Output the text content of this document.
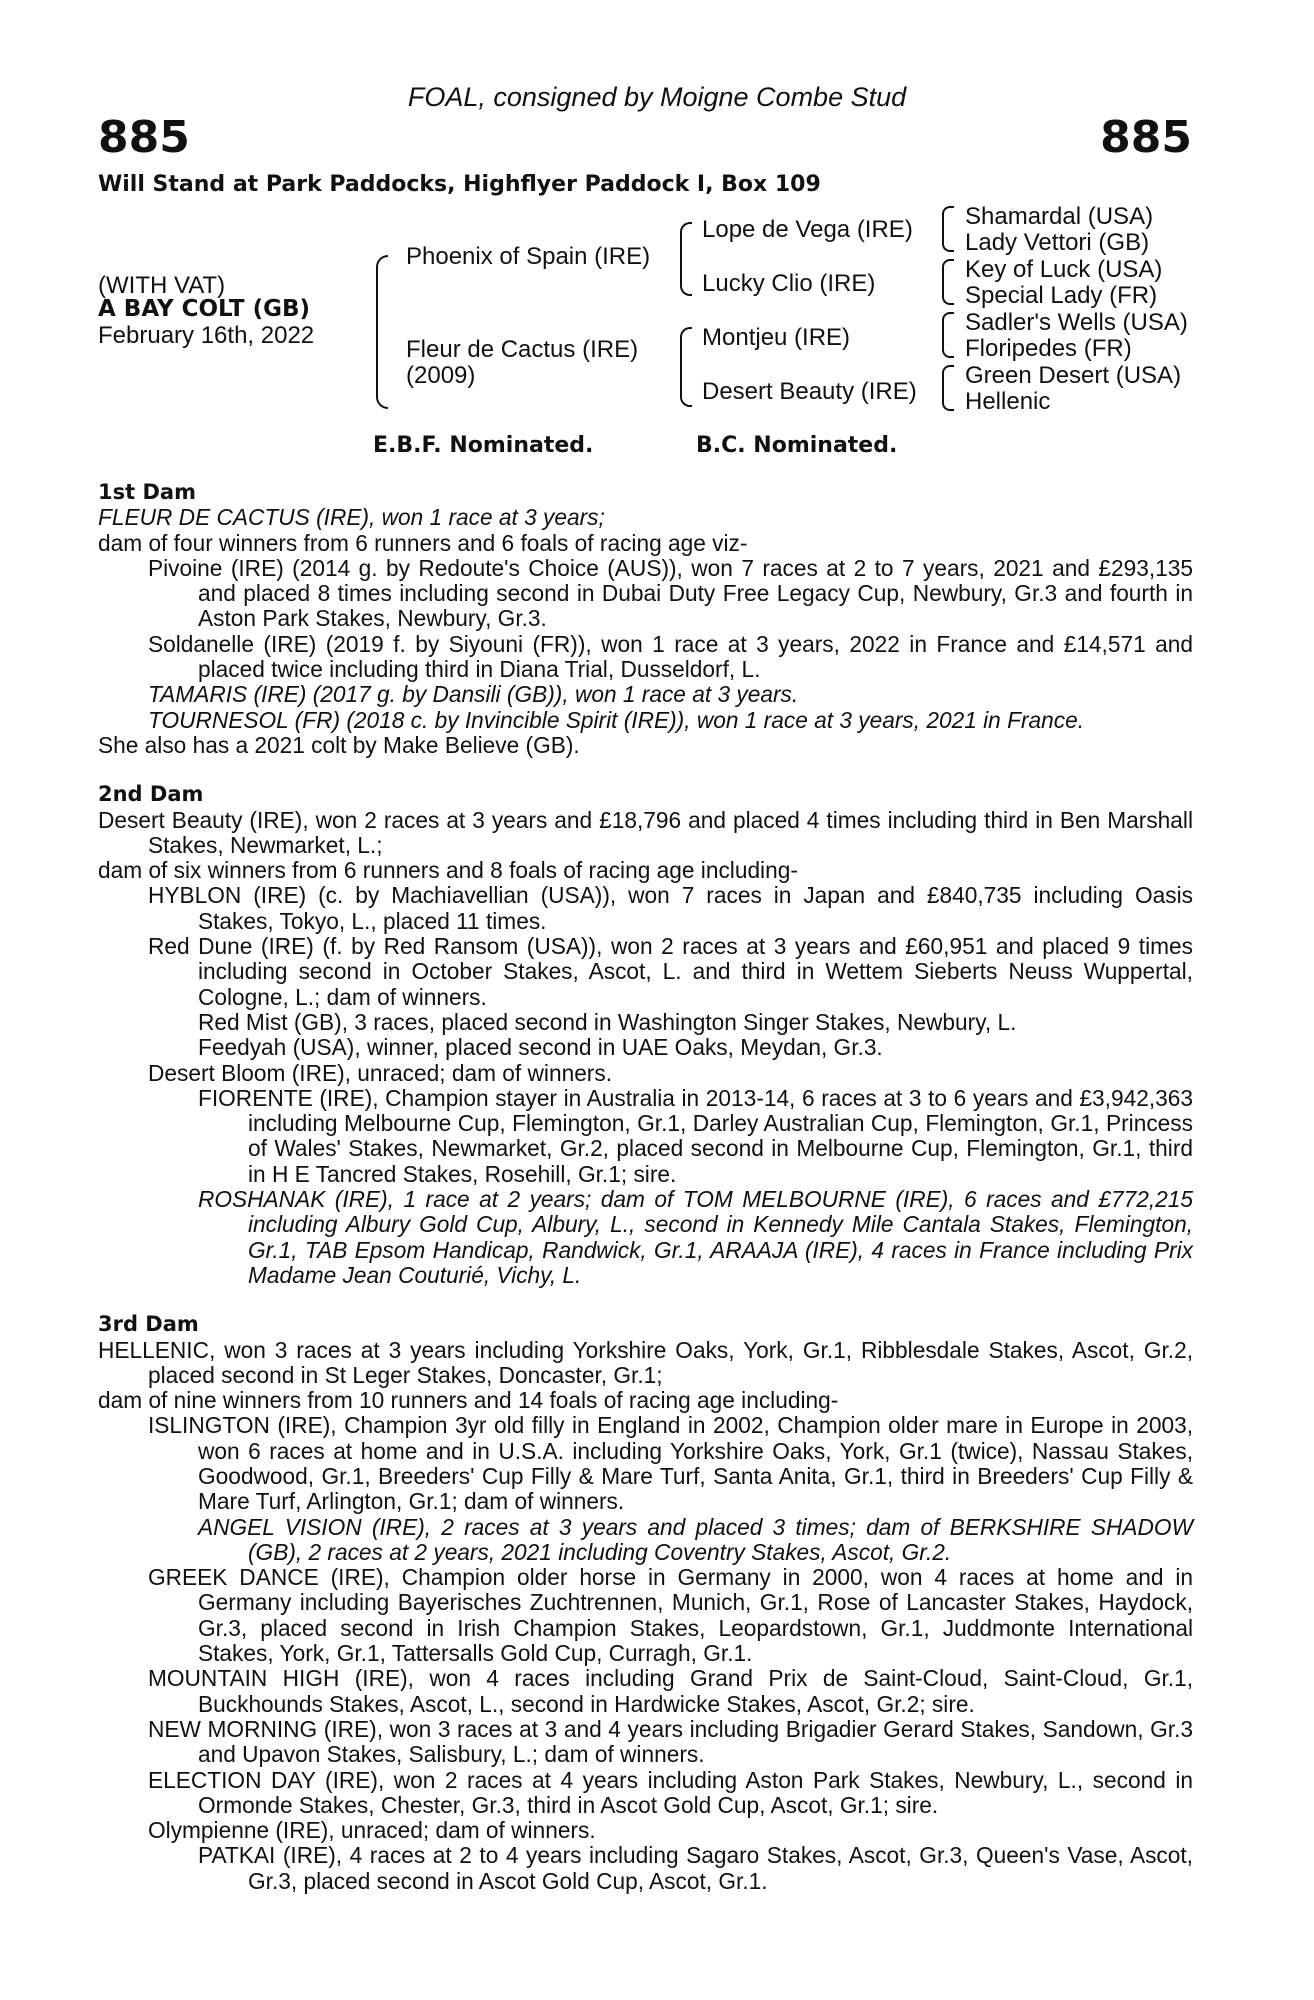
FOAL, consigned by Moigne Combe Stud
885	885
Will Stand at Park Paddocks, Highflyer Paddock I, Box 109
(WITH VAT)
A BAY COLT (GB)
February 16th, 2022
Phoenix of Spain (IRE)
Fleur de Cactus (IRE)
(2009)
Lope de Vega (IRE)
Lucky Clio (IRE)
Montjeu (IRE)
Desert Beauty (IRE)
Shamardal (USA)
Lady Vettori (GB)
Key of Luck (USA)
Special Lady (FR)
Sadler's Wells (USA)
Floripedes (FR)
Green Desert (USA)
Hellenic
E.B.F. Nominated.	B.C. Nominated.
1st Dam

FLEUR DE CACTUS (IRE), won 1 race at 3 years;

dam of four winners from 6 runners and 6 foals of racing age viz-

Pivoine (IRE) (2014 g. by Redoute's Choice (AUS)), won 7 races at 2 to 7 years, 2021 and £293,135 and placed 8 times including second in Dubai Duty Free Legacy Cup, Newbury, Gr.3 and fourth in Aston Park Stakes, Newbury, Gr.3.

Soldanelle (IRE) (2019 f. by Siyouni (FR)), won 1 race at 3 years, 2022 in France and £14,571 and placed twice including third in Diana Trial, Dusseldorf, L.

TAMARIS (IRE) (2017 g. by Dansili (GB)), won 1 race at 3 years.

TOURNESOL (FR) (2018 c. by Invincible Spirit (IRE)), won 1 race at 3 years, 2021 in France.

She also has a 2021 colt by Make Believe (GB).

2nd Dam

Desert Beauty (IRE), won 2 races at 3 years and £18,796 and placed 4 times including third in Ben Marshall Stakes, Newmarket, L.;

dam of six winners from 6 runners and 8 foals of racing age including-

HYBLON (IRE) (c. by Machiavellian (USA)), won 7 races in Japan and £840,735 including Oasis Stakes, Tokyo, L., placed 11 times.

Red Dune (IRE) (f. by Red Ransom (USA)), won 2 races at 3 years and £60,951 and placed 9 times including second in October Stakes, Ascot, L. and third in Wettem Sieberts Neuss Wuppertal, Cologne, L.; dam of winners.

Red Mist (GB), 3 races, placed second in Washington Singer Stakes, Newbury, L.

Feedyah (USA), winner, placed second in UAE Oaks, Meydan, Gr.3.

Desert Bloom (IRE), unraced; dam of winners.

FIORENTE (IRE), Champion stayer in Australia in 2013-14, 6 races at 3 to 6 years and £3,942,363 including Melbourne Cup, Flemington, Gr.1, Darley Australian Cup, Flemington, Gr.1, Princess of Wales' Stakes, Newmarket, Gr.2, placed second in Melbourne Cup, Flemington, Gr.1, third in H E Tancred Stakes, Rosehill, Gr.1; sire.

ROSHANAK (IRE), 1 race at 2 years; dam of TOM MELBOURNE (IRE), 6 races and £772,215 including Albury Gold Cup, Albury, L., second in Kennedy Mile Cantala Stakes, Flemington, Gr.1, TAB Epsom Handicap, Randwick, Gr.1, ARAAJA (IRE), 4 races in France including Prix Madame Jean Couturié, Vichy, L.

3rd Dam

HELLENIC, won 3 races at 3 years including Yorkshire Oaks, York, Gr.1, Ribblesdale Stakes, Ascot, Gr.2, placed second in St Leger Stakes, Doncaster, Gr.1;

dam of nine winners from 10 runners and 14 foals of racing age including-

ISLINGTON (IRE), Champion 3yr old filly in England in 2002, Champion older mare in Europe in 2003, won 6 races at home and in U.S.A. including Yorkshire Oaks, York, Gr.1 (twice), Nassau Stakes, Goodwood, Gr.1, Breeders' Cup Filly & Mare Turf, Santa Anita, Gr.1, third in Breeders' Cup Filly & Mare Turf, Arlington, Gr.1; dam of winners.

ANGEL VISION (IRE), 2 races at 3 years and placed 3 times; dam of BERKSHIRE SHADOW (GB), 2 races at 2 years, 2021 including Coventry Stakes, Ascot, Gr.2.

GREEK DANCE (IRE), Champion older horse in Germany in 2000, won 4 races at home and in Germany including Bayerisches Zuchtrennen, Munich, Gr.1, Rose of Lancaster Stakes, Haydock, Gr.3, placed second in Irish Champion Stakes, Leopardstown, Gr.1, Juddmonte International Stakes, York, Gr.1, Tattersalls Gold Cup, Curragh, Gr.1.

MOUNTAIN HIGH (IRE), won 4 races including Grand Prix de Saint-Cloud, Saint-Cloud, Gr.1, Buckhounds Stakes, Ascot, L., second in Hardwicke Stakes, Ascot, Gr.2; sire.

NEW MORNING (IRE), won 3 races at 3 and 4 years including Brigadier Gerard Stakes, Sandown, Gr.3 and Upavon Stakes, Salisbury, L.; dam of winners.

ELECTION DAY (IRE), won 2 races at 4 years including Aston Park Stakes, Newbury, L., second in Ormonde Stakes, Chester, Gr.3, third in Ascot Gold Cup, Ascot, Gr.1; sire.

Olympienne (IRE), unraced; dam of winners.

PATKAI (IRE), 4 races at 2 to 4 years including Sagaro Stakes, Ascot, Gr.3, Queen's Vase, Ascot, Gr.3, placed second in Ascot Gold Cup, Ascot, Gr.1.
